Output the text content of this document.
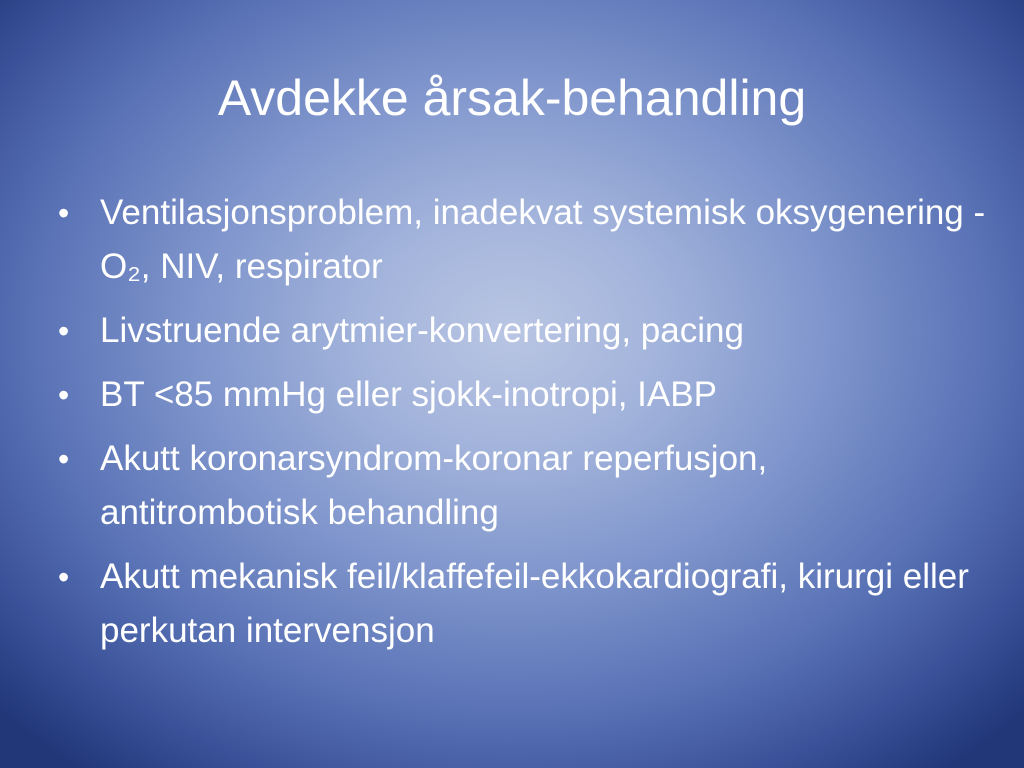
Avdekke årsak-behandling
• Ventilasjonsproblem, inadekvat systemisk oksygenering - O₂, NIV, respirator
• Livstruende arytmier-konvertering, pacing
• BT <85 mmHg eller sjokk-inotropi, IABP
• Akutt koronarsyndrom-koronar reperfusjon, antitrombotisk behandling
• Akutt mekanisk feil/klaffefeil-ekkokardiografi, kirurgi eller perkutan intervensjon
